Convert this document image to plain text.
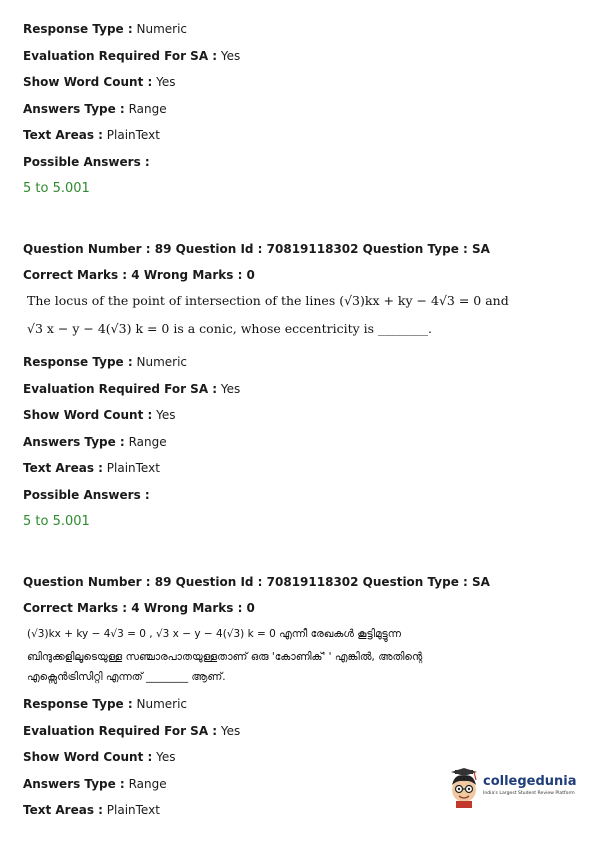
Response Type : Numeric
Evaluation Required For SA : Yes
Show Word Count : Yes
Answers Type : Range
Text Areas : PlainText
Possible Answers :
5 to 5.001
Question Number : 89 Question Id : 70819118302 Question Type : SA
Correct Marks : 4 Wrong Marks : 0
The locus of the point of intersection of the lines (√3)kx + ky − 4√3 = 0 and
√3 x − y − 4(√3) k = 0 is a conic, whose eccentricity is ________.
Response Type : Numeric
Evaluation Required For SA : Yes
Show Word Count : Yes
Answers Type : Range
Text Areas : PlainText
Possible Answers :
5 to 5.001
Question Number : 89 Question Id : 70819118302 Question Type : SA
Correct Marks : 4 Wrong Marks : 0
(√3)kx + ky − 4√3 = 0 , √3 x − y − 4(√3) k = 0 എന്നീ രേഖകൾ കൂട്ടിമുട്ടുന്ന
ബിന്ദുക്കളിലൂടെയുള്ള സഞ്ചാരപാതയുള്ളതാണ് ഒരു 'കോണിക്' ' എങ്കിൽ, അതിന്റെ
എക്സെൻട്രിസിറ്റി എന്നത് ________ ആണ്.
Response Type : Numeric
Evaluation Required For SA : Yes
Show Word Count : Yes
Answers Type : Range
Text Areas : PlainText
collegedunia
India's Largest Student Review Platform
